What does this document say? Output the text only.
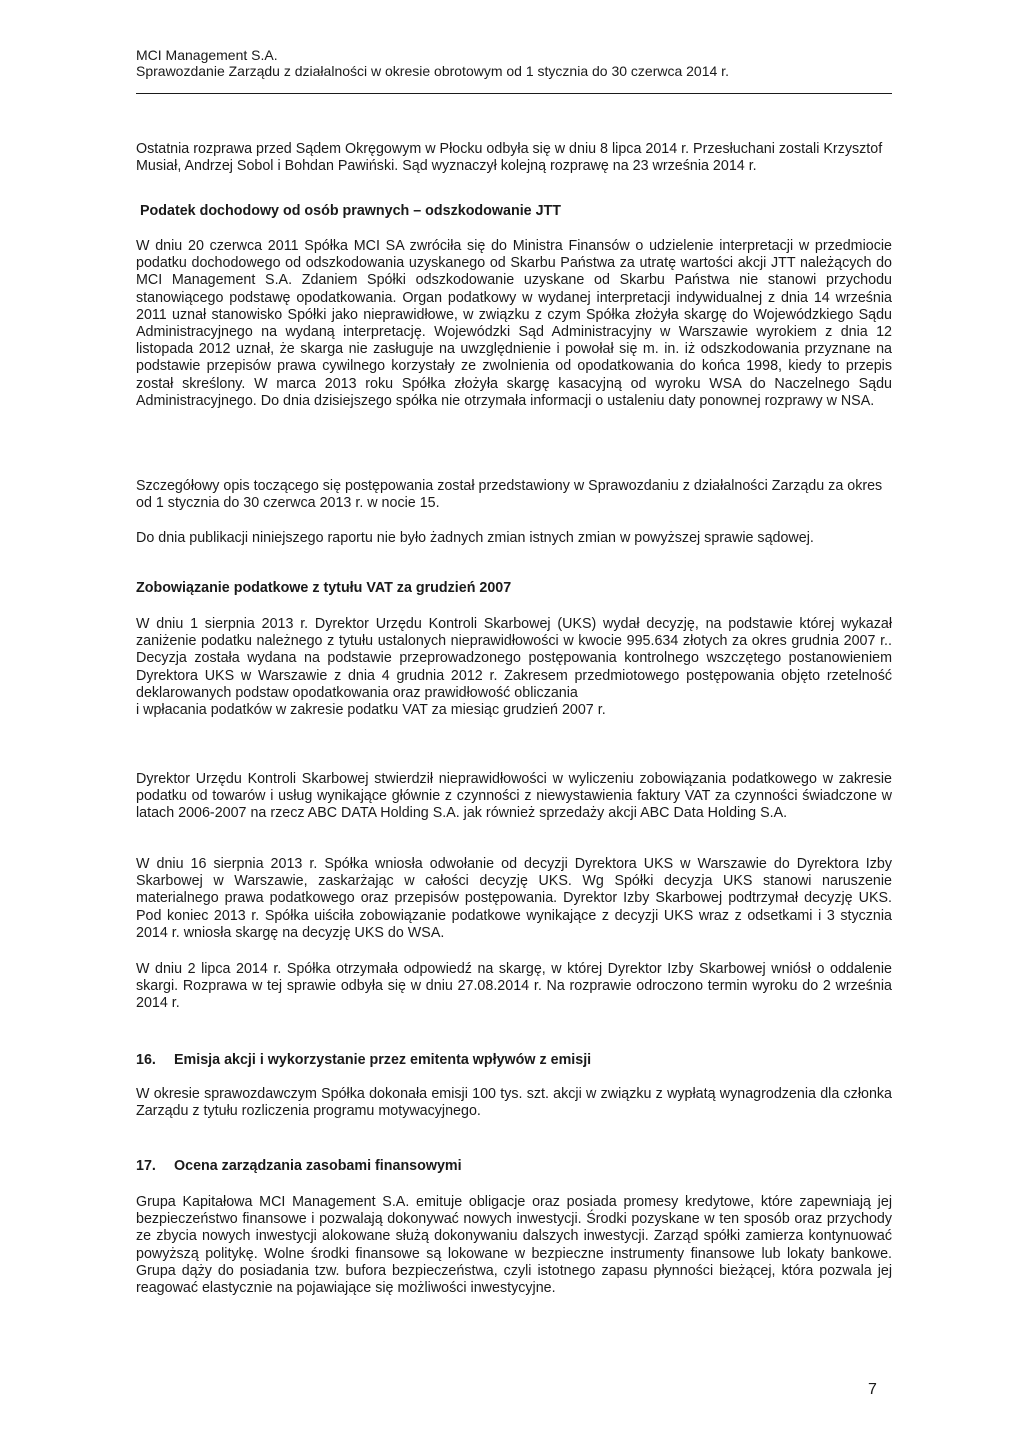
MCI Management S.A.
Sprawozdanie Zarządu z działalności w okresie obrotowym od 1 stycznia do 30 czerwca 2014 r.

Ostatnia rozprawa przed Sądem Okręgowym w Płocku odbyła się w dniu 8 lipca 2014 r. Przesłuchani zostali Krzysztof Musiał, Andrzej Sobol i Bohdan Pawiński. Sąd wyznaczył kolejną rozprawę na 23 września 2014 r.

Podatek dochodowy od osób prawnych – odszkodowanie JTT

W dniu 20 czerwca 2011 Spółka MCI SA zwróciła się do Ministra Finansów o udzielenie interpretacji w przedmiocie podatku dochodowego od odszkodowania uzyskanego od Skarbu Państwa za utratę wartości akcji JTT należących do MCI Management S.A. Zdaniem Spółki odszkodowanie uzyskane od Skarbu Państwa nie stanowi przychodu stanowiącego podstawę opodatkowania. Organ podatkowy w wydanej interpretacji indywidualnej z dnia 14 września 2011 uznał stanowisko Spółki jako nieprawidłowe, w związku z czym Spółka złożyła skargę do Wojewódzkiego Sądu Administracyjnego na wydaną interpretację. Wojewódzki Sąd Administracyjny w Warszawie wyrokiem z dnia 12 listopada 2012 uznał, że skarga nie zasługuje na uwzględnienie i powołał się m. in. iż odszkodowania przyznane na podstawie przepisów prawa cywilnego korzystały ze zwolnienia od opodatkowania do końca 1998, kiedy to przepis został skreślony. W marca 2013 roku Spółka złożyła skargę kasacyjną od wyroku WSA do Naczelnego Sądu Administracyjnego. Do dnia dzisiejszego spółka nie otrzymała informacji o ustaleniu daty ponownej rozprawy w NSA.

Szczegółowy opis toczącego się postępowania został przedstawiony w Sprawozdaniu z działalności Zarządu za okres od 1 stycznia do 30 czerwca 2013 r. w nocie 15.

Do dnia publikacji niniejszego raportu nie było żadnych zmian istnych zmian w powyższej sprawie sądowej.

Zobowiązanie podatkowe z tytułu VAT za grudzień 2007

W dniu 1 sierpnia 2013 r. Dyrektor Urzędu Kontroli Skarbowej (UKS) wydał decyzję, na podstawie której wykazał zaniżenie podatku należnego z tytułu ustalonych nieprawidłowości w kwocie 995.634 złotych za okres grudnia 2007 r.. Decyzja została wydana na podstawie przeprowadzonego postępowania kontrolnego wszczętego postanowieniem Dyrektora UKS w Warszawie z dnia 4 grudnia 2012 r. Zakresem przedmiotowego postępowania objęto rzetelność deklarowanych podstaw opodatkowania oraz prawidłowość obliczania
i wpłacania podatków w zakresie podatku VAT za miesiąc grudzień 2007 r.

Dyrektor Urzędu Kontroli Skarbowej stwierdził nieprawidłowości w wyliczeniu zobowiązania podatkowego w zakresie podatku od towarów i usług wynikające głównie z czynności z niewystawienia faktury VAT za czynności świadczone w latach 2006-2007 na rzecz ABC DATA Holding S.A. jak również sprzedaży akcji ABC Data Holding S.A.

W dniu 16 sierpnia 2013 r. Spółka wniosła odwołanie od decyzji Dyrektora UKS w Warszawie do Dyrektora Izby Skarbowej w Warszawie, zaskarżając w całości decyzję UKS. Wg Spółki decyzja UKS stanowi naruszenie materialnego prawa podatkowego oraz przepisów postępowania. Dyrektor Izby Skarbowej podtrzymał decyzję UKS. Pod koniec 2013 r. Spółka uiściła zobowiązanie podatkowe wynikające z decyzji UKS wraz z odsetkami i 3 stycznia 2014 r. wniosła skargę na decyzję UKS do WSA.

W dniu 2 lipca 2014 r. Spółka otrzymała odpowiedź na skargę, w której Dyrektor Izby Skarbowej wniósł o oddalenie skargi. Rozprawa w tej sprawie odbyła się w dniu 27.08.2014 r. Na rozprawie odroczono termin wyroku do 2 września 2014 r.

16. Emisja akcji i wykorzystanie przez emitenta wpływów z emisji

W okresie sprawozdawczym Spółka dokonała emisji 100 tys. szt. akcji w związku z wypłatą wynagrodzenia dla członka Zarządu z tytułu rozliczenia programu motywacyjnego.

17. Ocena zarządzania zasobami finansowymi

Grupa Kapitałowa MCI Management S.A. emituje obligacje oraz posiada promesy kredytowe, które zapewniają jej bezpieczeństwo finansowe i pozwalają dokonywać nowych inwestycji. Środki pozyskane w ten sposób oraz przychody ze zbycia nowych inwestycji alokowane służą dokonywaniu dalszych inwestycji. Zarząd spółki zamierza kontynuować powyższą politykę. Wolne środki finansowe są lokowane w bezpieczne instrumenty finansowe lub lokaty bankowe. Grupa dąży do posiadania tzw. bufora bezpieczeństwa, czyli istotnego zapasu płynności bieżącej, która pozwala jej reagować elastycznie na pojawiające się możliwości inwestycyjne.

7
